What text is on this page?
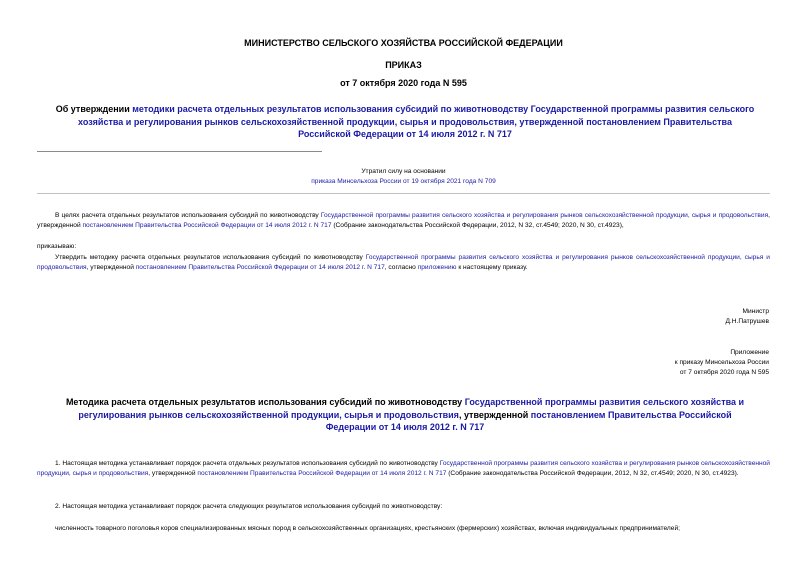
МИНИСТЕРСТВО СЕЛЬСКОГО ХОЗЯЙСТВА РОССИЙСКОЙ ФЕДЕРАЦИИ
ПРИКАЗ
от 7 октября 2020 года N 595
Об утверждении методики расчета отдельных результатов использования субсидий по животноводству Государственной программы развития сельского хозяйства и регулирования рынков сельскохозяйственной продукции, сырья и продовольствия, утвержденной постановлением Правительства Российской Федерации от 14 июля 2012 г. N 717
Утратил силу на основании
приказа Минсельхоза России от 19 октября 2021 года N 709
В целях расчета отдельных результатов использования субсидий по животноводству Государственной программы развития сельского хозяйства и регулирования рынков сельскохозяйственной продукции, сырья и продовольствия, утвержденной постановлением Правительства Российской Федерации от 14 июля 2012 г. N 717 (Собрание законодательства Российской Федерации, 2012, N 32, ст.4549; 2020, N 30, ст.4923),
приказываю:
Утвердить методику расчета отдельных результатов использования субсидий по животноводству Государственной программы развития сельского хозяйства и регулирования рынков сельскохозяйственной продукции, сырья и продовольствия, утвержденной постановлением Правительства Российской Федерации от 14 июля 2012 г. N 717, согласно приложению к настоящему приказу.
Министр
Д.Н.Патрушев
Приложение
к приказу Минсельхоза России
от 7 октября 2020 года N 595
Методика расчета отдельных результатов использования субсидий по животноводству Государственной программы развития сельского хозяйства и регулирования рынков сельскохозяйственной продукции, сырья и продовольствия, утвержденной постановлением Правительства Российской Федерации от 14 июля 2012 г. N 717
1. Настоящая методика устанавливает порядок расчета отдельных результатов использования субсидий по животноводству Государственной программы развития сельского хозяйства и регулирования рынков сельскохозяйственной продукции, сырья и продовольствия, утвержденной постановлением Правительства Российской Федерации от 14 июля 2012 г. N 717 (Собрание законодательства Российской Федерации, 2012, N 32, ст.4549; 2020, N 30, ст.4923).
2. Настоящая методика устанавливает порядок расчета следующих результатов использования субсидий по животноводству:
численность товарного поголовья коров специализированных мясных пород в сельскохозяйственных организациях, крестьянских (фермерских) хозяйствах, включая индивидуальных предпринимателей;
